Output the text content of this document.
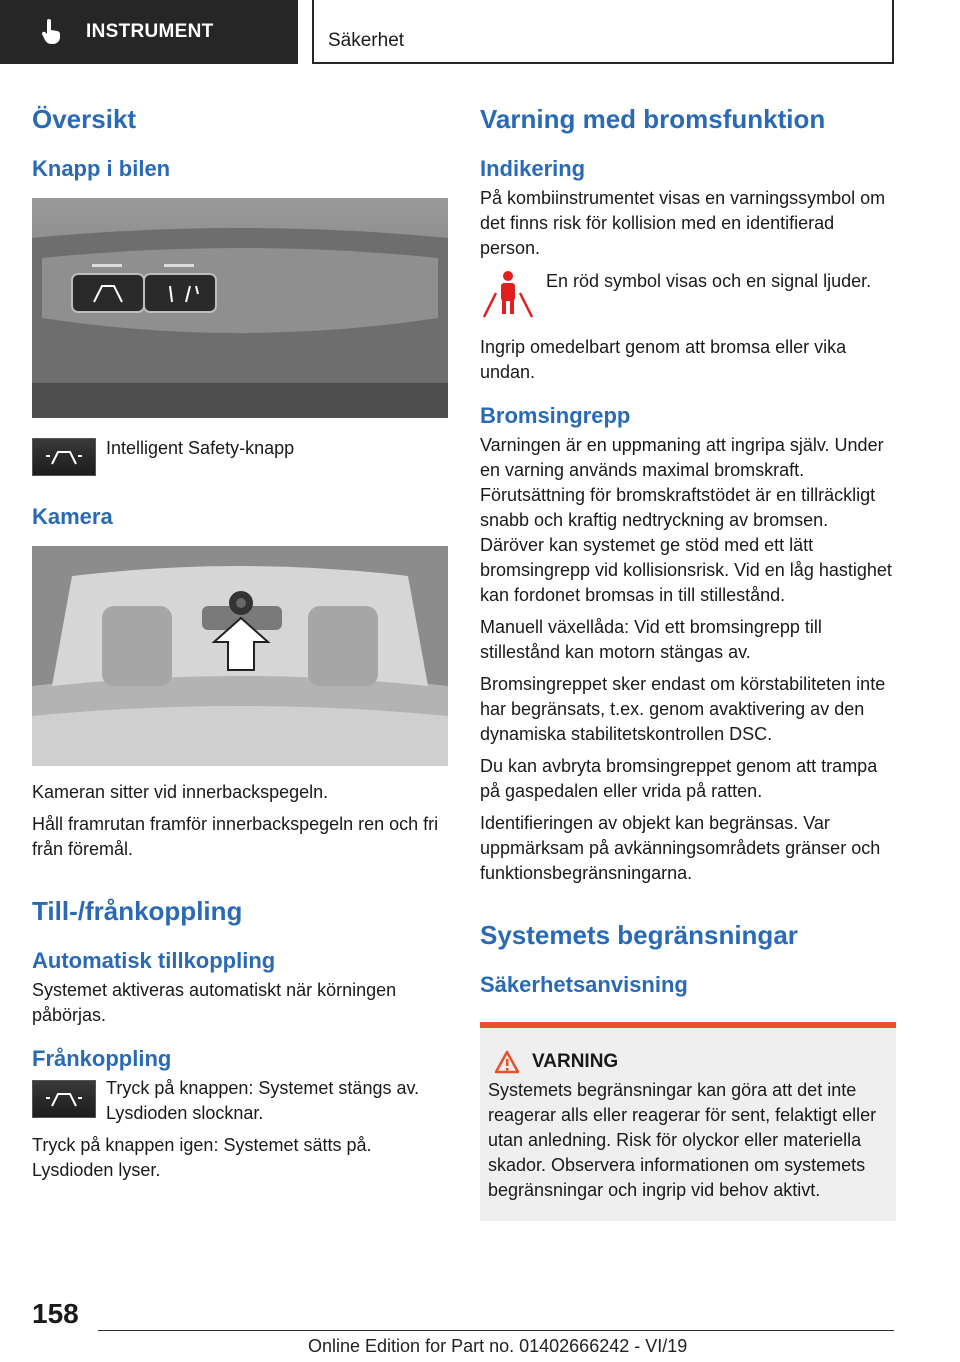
INSTRUMENT	Säkerhet
Översikt
Knapp i bilen

Intelligent Safety-knapp

Kamera

Kameran sitter vid innerbackspegeln.

Håll framrutan framför innerbackspegeln ren och fri från föremål.

Till-/frånkoppling
Automatisk tillkoppling

Systemet aktiveras automatiskt när körningen påbörjas.

Frånkoppling

Tryck på knappen: Systemet stängs av. Lysdioden slocknar.

Tryck på knappen igen: Systemet sätts på. Lysdioden lyser.

Varning med bromsfunktion
Indikering

På kombiinstrumentet visas en varningssymbol om det finns risk för kollision med en identifierad person.

En röd symbol visas och en signal ljuder.

Ingrip omedelbart genom att bromsa eller vika undan.

Bromsingrepp

Varningen är en uppmaning att ingripa själv. Under en varning används maximal bromskraft. Förutsättning för bromskraftstödet är en tillräckligt snabb och kraftig nedtryckning av bromsen. Däröver kan systemet ge stöd med ett lätt bromsingrepp vid kollisionsrisk. Vid en låg hastighet kan fordonet bromsas in till stillestånd.

Manuell växellåda: Vid ett bromsingrepp till stillestånd kan motorn stängas av.

Bromsingreppet sker endast om körstabiliteten inte har begränsats, t.ex. genom avaktivering av den dynamiska stabilitetskontrollen DSC.

Du kan avbryta bromsingreppet genom att trampa på gaspedalen eller vrida på ratten.

Identifieringen av objekt kan begränsas. Var uppmärksam på avkänningsområdets gränser och funktionsbegränsningarna.

Systemets begränsningar
Säkerhetsanvisning
VARNING

Systemets begränsningar kan göra att det inte reagerar alls eller reagerar för sent, felaktigt eller utan anledning. Risk för olyckor eller materiella skador. Observera informationen om systemets begränsningar och ingrip vid behov aktivt.

158
Online Edition for Part no. 01402666242 - VI/19
